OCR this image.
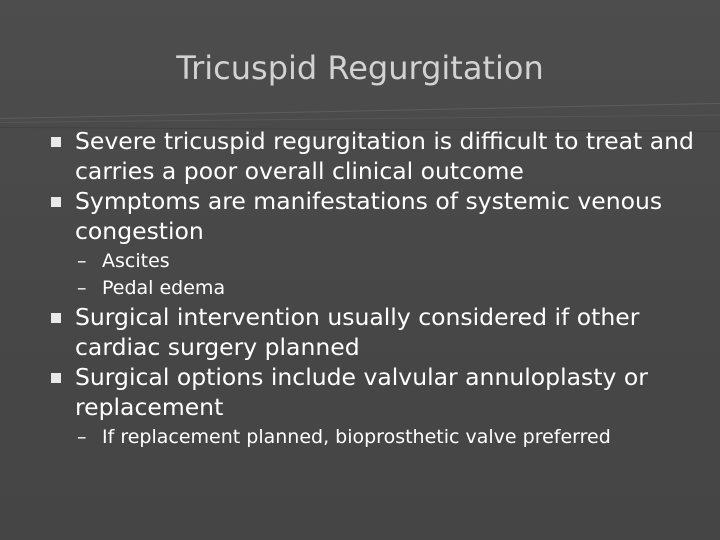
Tricuspid Regurgitation
Severe tricuspid regurgitation is difficult to treat and carries a poor overall clinical outcome
Symptoms are manifestations of systemic venous congestion
– Ascites
– Pedal edema
Surgical intervention usually considered if other cardiac surgery planned
Surgical options include valvular annuloplasty or replacement
– If replacement planned, bioprosthetic valve preferred
